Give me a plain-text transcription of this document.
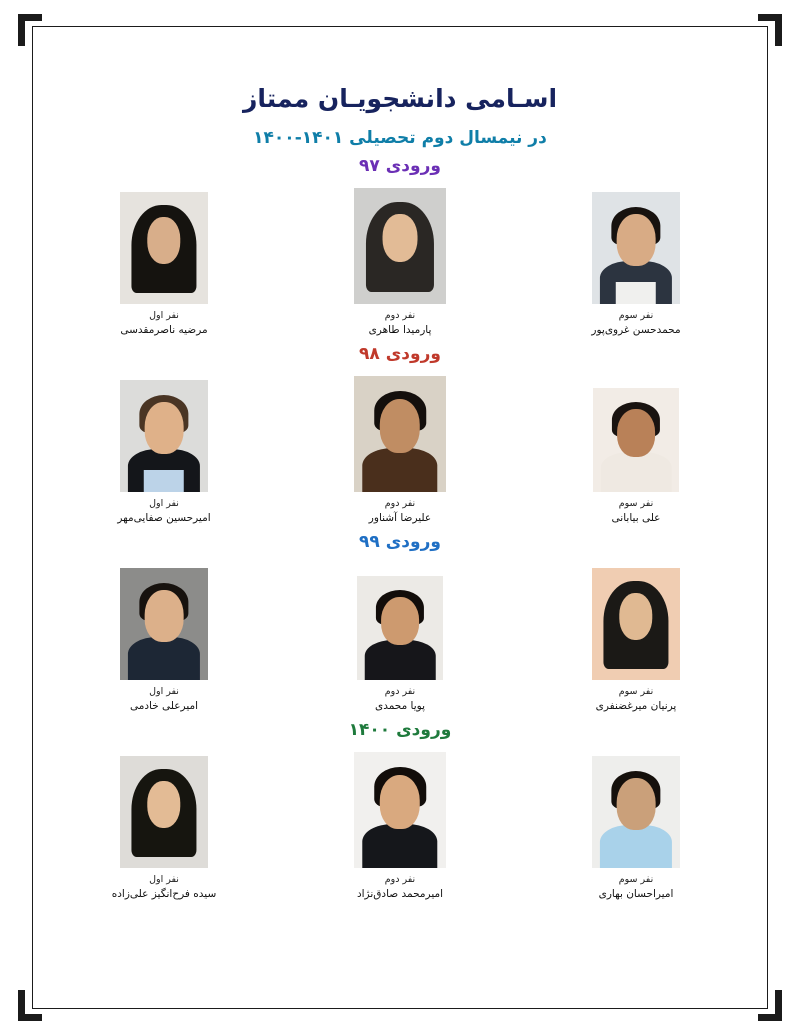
اسـامی دانشجویـان ممتاز
در نیمسال دوم تحصیلی ۱۴۰۱-۱۴۰۰
ورودی ۹۷
نفر سوم
محمدحسن غروی‌پور
نفر دوم
پارمیدا طاهری
نفر اول
مرضیه ناصرمقدسی
ورودی ۹۸
نفر سوم
علی بیابانی
نفر دوم
علیرضا آشناور
نفر اول
امیرحسین صفایی‌مهر
ورودی ۹۹
نفر سوم
پرنیان میرغضنفری
نفر دوم
پویا محمدی
نفر اول
امیرعلی خادمی
ورودی ۱۴۰۰
نفر سوم
امیراحسان بهاری
نفر دوم
امیرمحمد صادق‌نژاد
نفر اول
سیده فرح‌انگیز علی‌زاده
